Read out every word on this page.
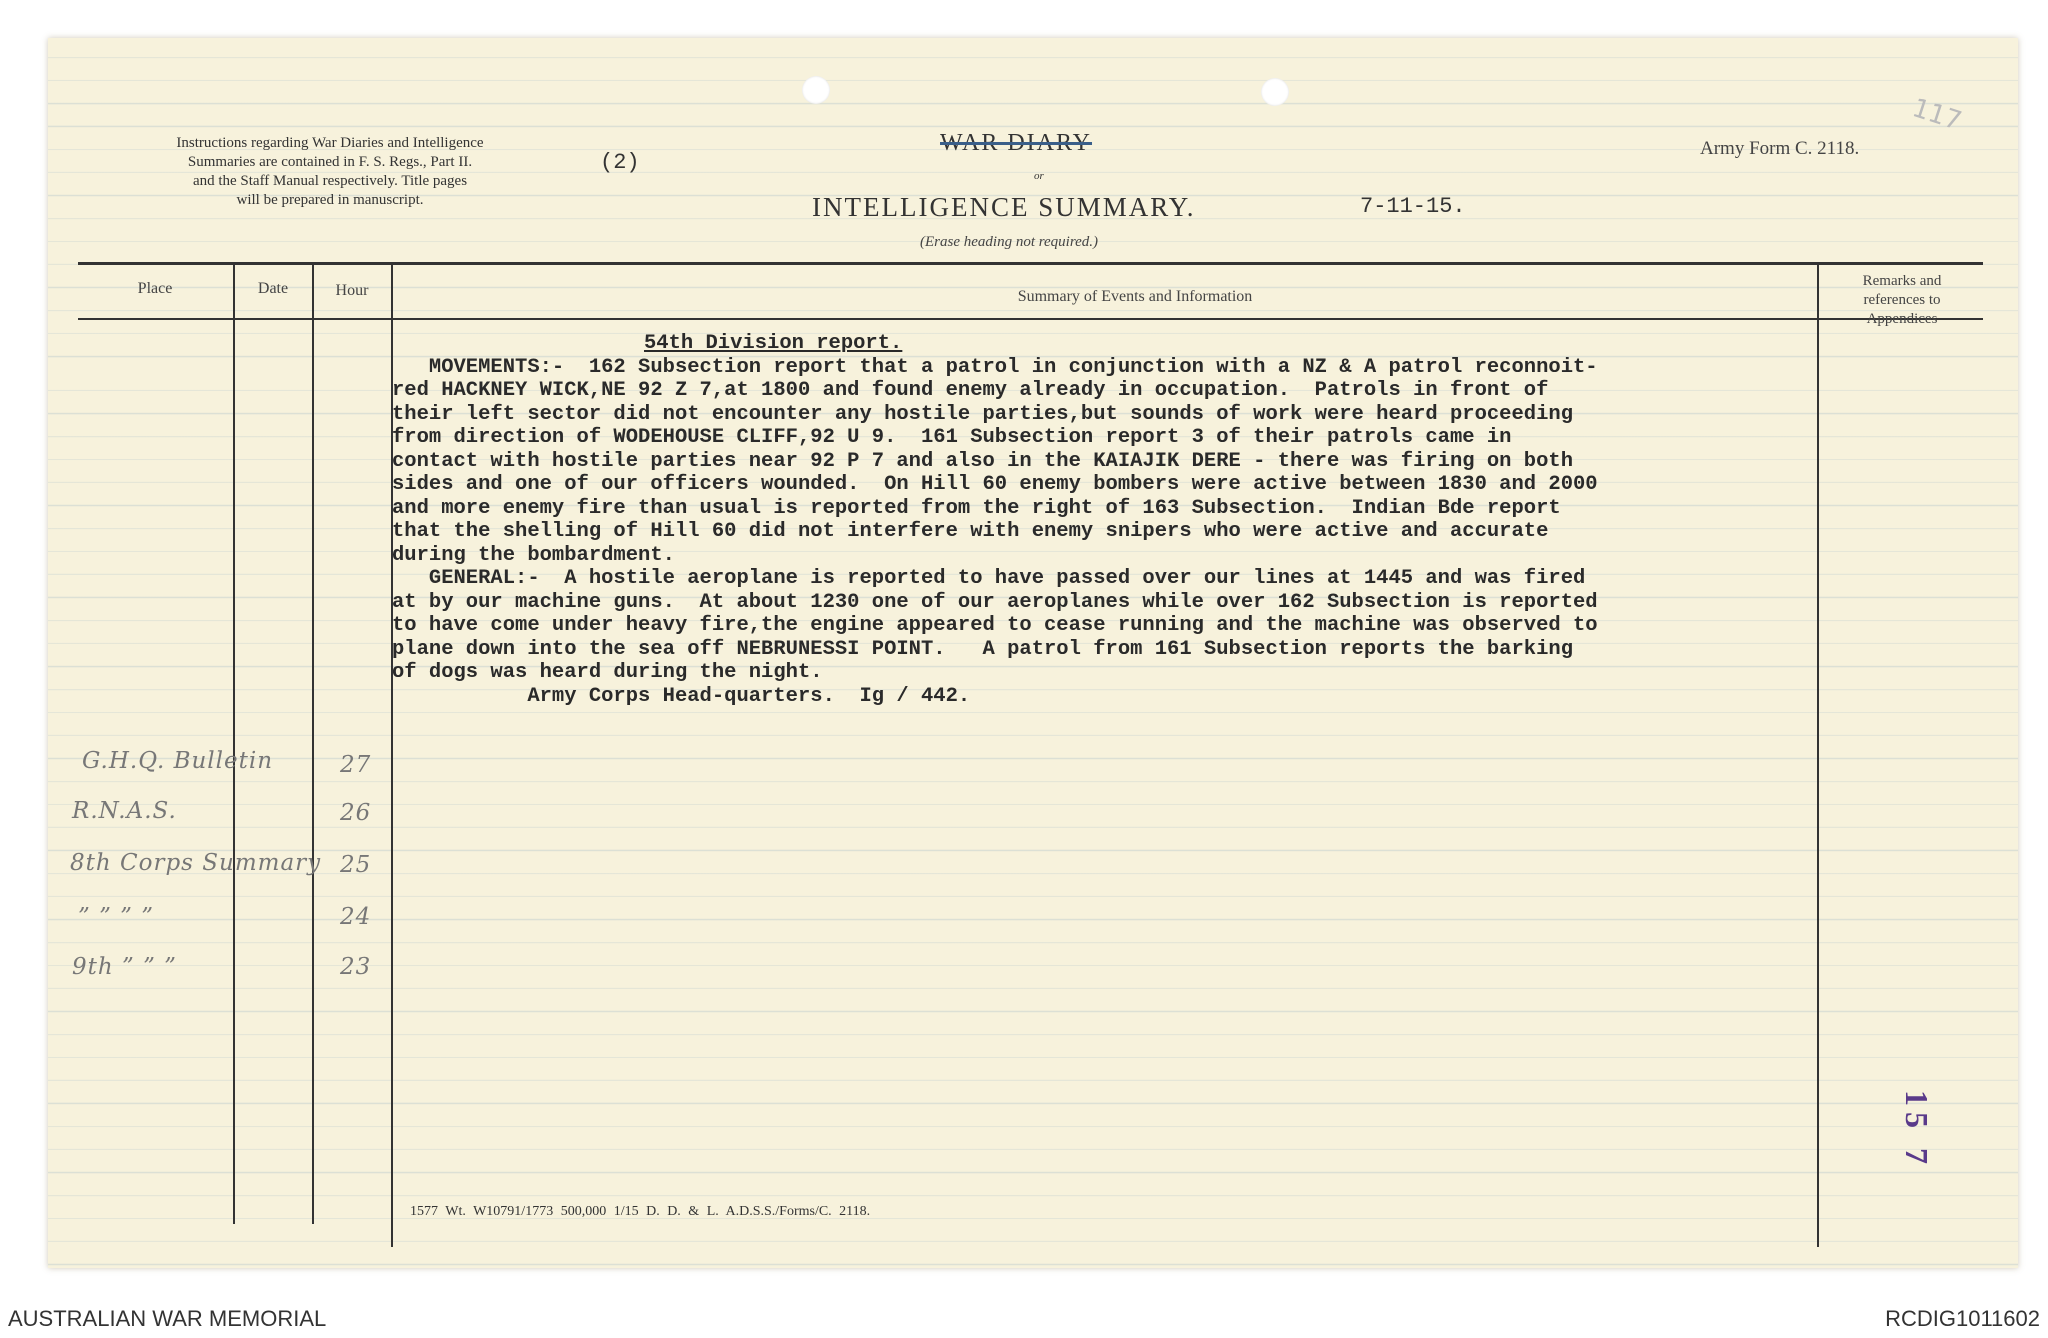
Instructions regarding War Diaries and Intelligence
Summaries are contained in F. S. Regs., Part II.
and the Staff Manual respectively. Title pages
will be prepared in manuscript.
(2)
WAR DIARY
or
INTELLIGENCE SUMMARY.
(Erase heading not required.)
7-11-15.
Army Form C. 2118.
117
Place	Date	Hour	Summary of Events and Information
Remarks and
references to
Appendices
54th Division report.
MOVEMENTS:-  162 Subsection report that a patrol in conjunction with a NZ & A patrol reconnoit-
red HACKNEY WICK,NE 92 Z 7,at 1800 and found enemy already in occupation.  Patrols in front of
their left sector did not encounter any hostile parties,but sounds of work were heard proceeding
from direction of WODEHOUSE CLIFF,92 U 9.  161 Subsection report 3 of their patrols came in
contact with hostile parties near 92 P 7 and also in the KAIAJIK DERE - there was firing on both
sides and one of our officers wounded.  On Hill 60 enemy bombers were active between 1830 and 2000
and more enemy fire than usual is reported from the right of 163 Subsection.  Indian Bde report
that the shelling of Hill 60 did not interfere with enemy snipers who were active and accurate
during the bombardment.
GENERAL:-  A hostile aeroplane is reported to have passed over our lines at 1445 and was fired
at by our machine guns.  At about 1230 one of our aeroplanes while over 162 Subsection is reported
to have come under heavy fire,the engine appeared to cease running and the machine was observed to
plane down into the sea off NEBRUNESSI POINT.   A patrol from 161 Subsection reports the barking
of dogs was heard during the night.
Army Corps Head-quarters.  Ig / 442.
G.H.Q. Bulletin	27
R.N.A.S.	26
8th Corps Summary 25
” ” ” ”	24
9th ” ” ”	23
1577 Wt. W10791/1773 500,000 1/15 D. D. & L. A.D.S.S./Forms/C. 2118.
15 7
AUSTRALIAN WAR MEMORIAL	RCDIG1011602
